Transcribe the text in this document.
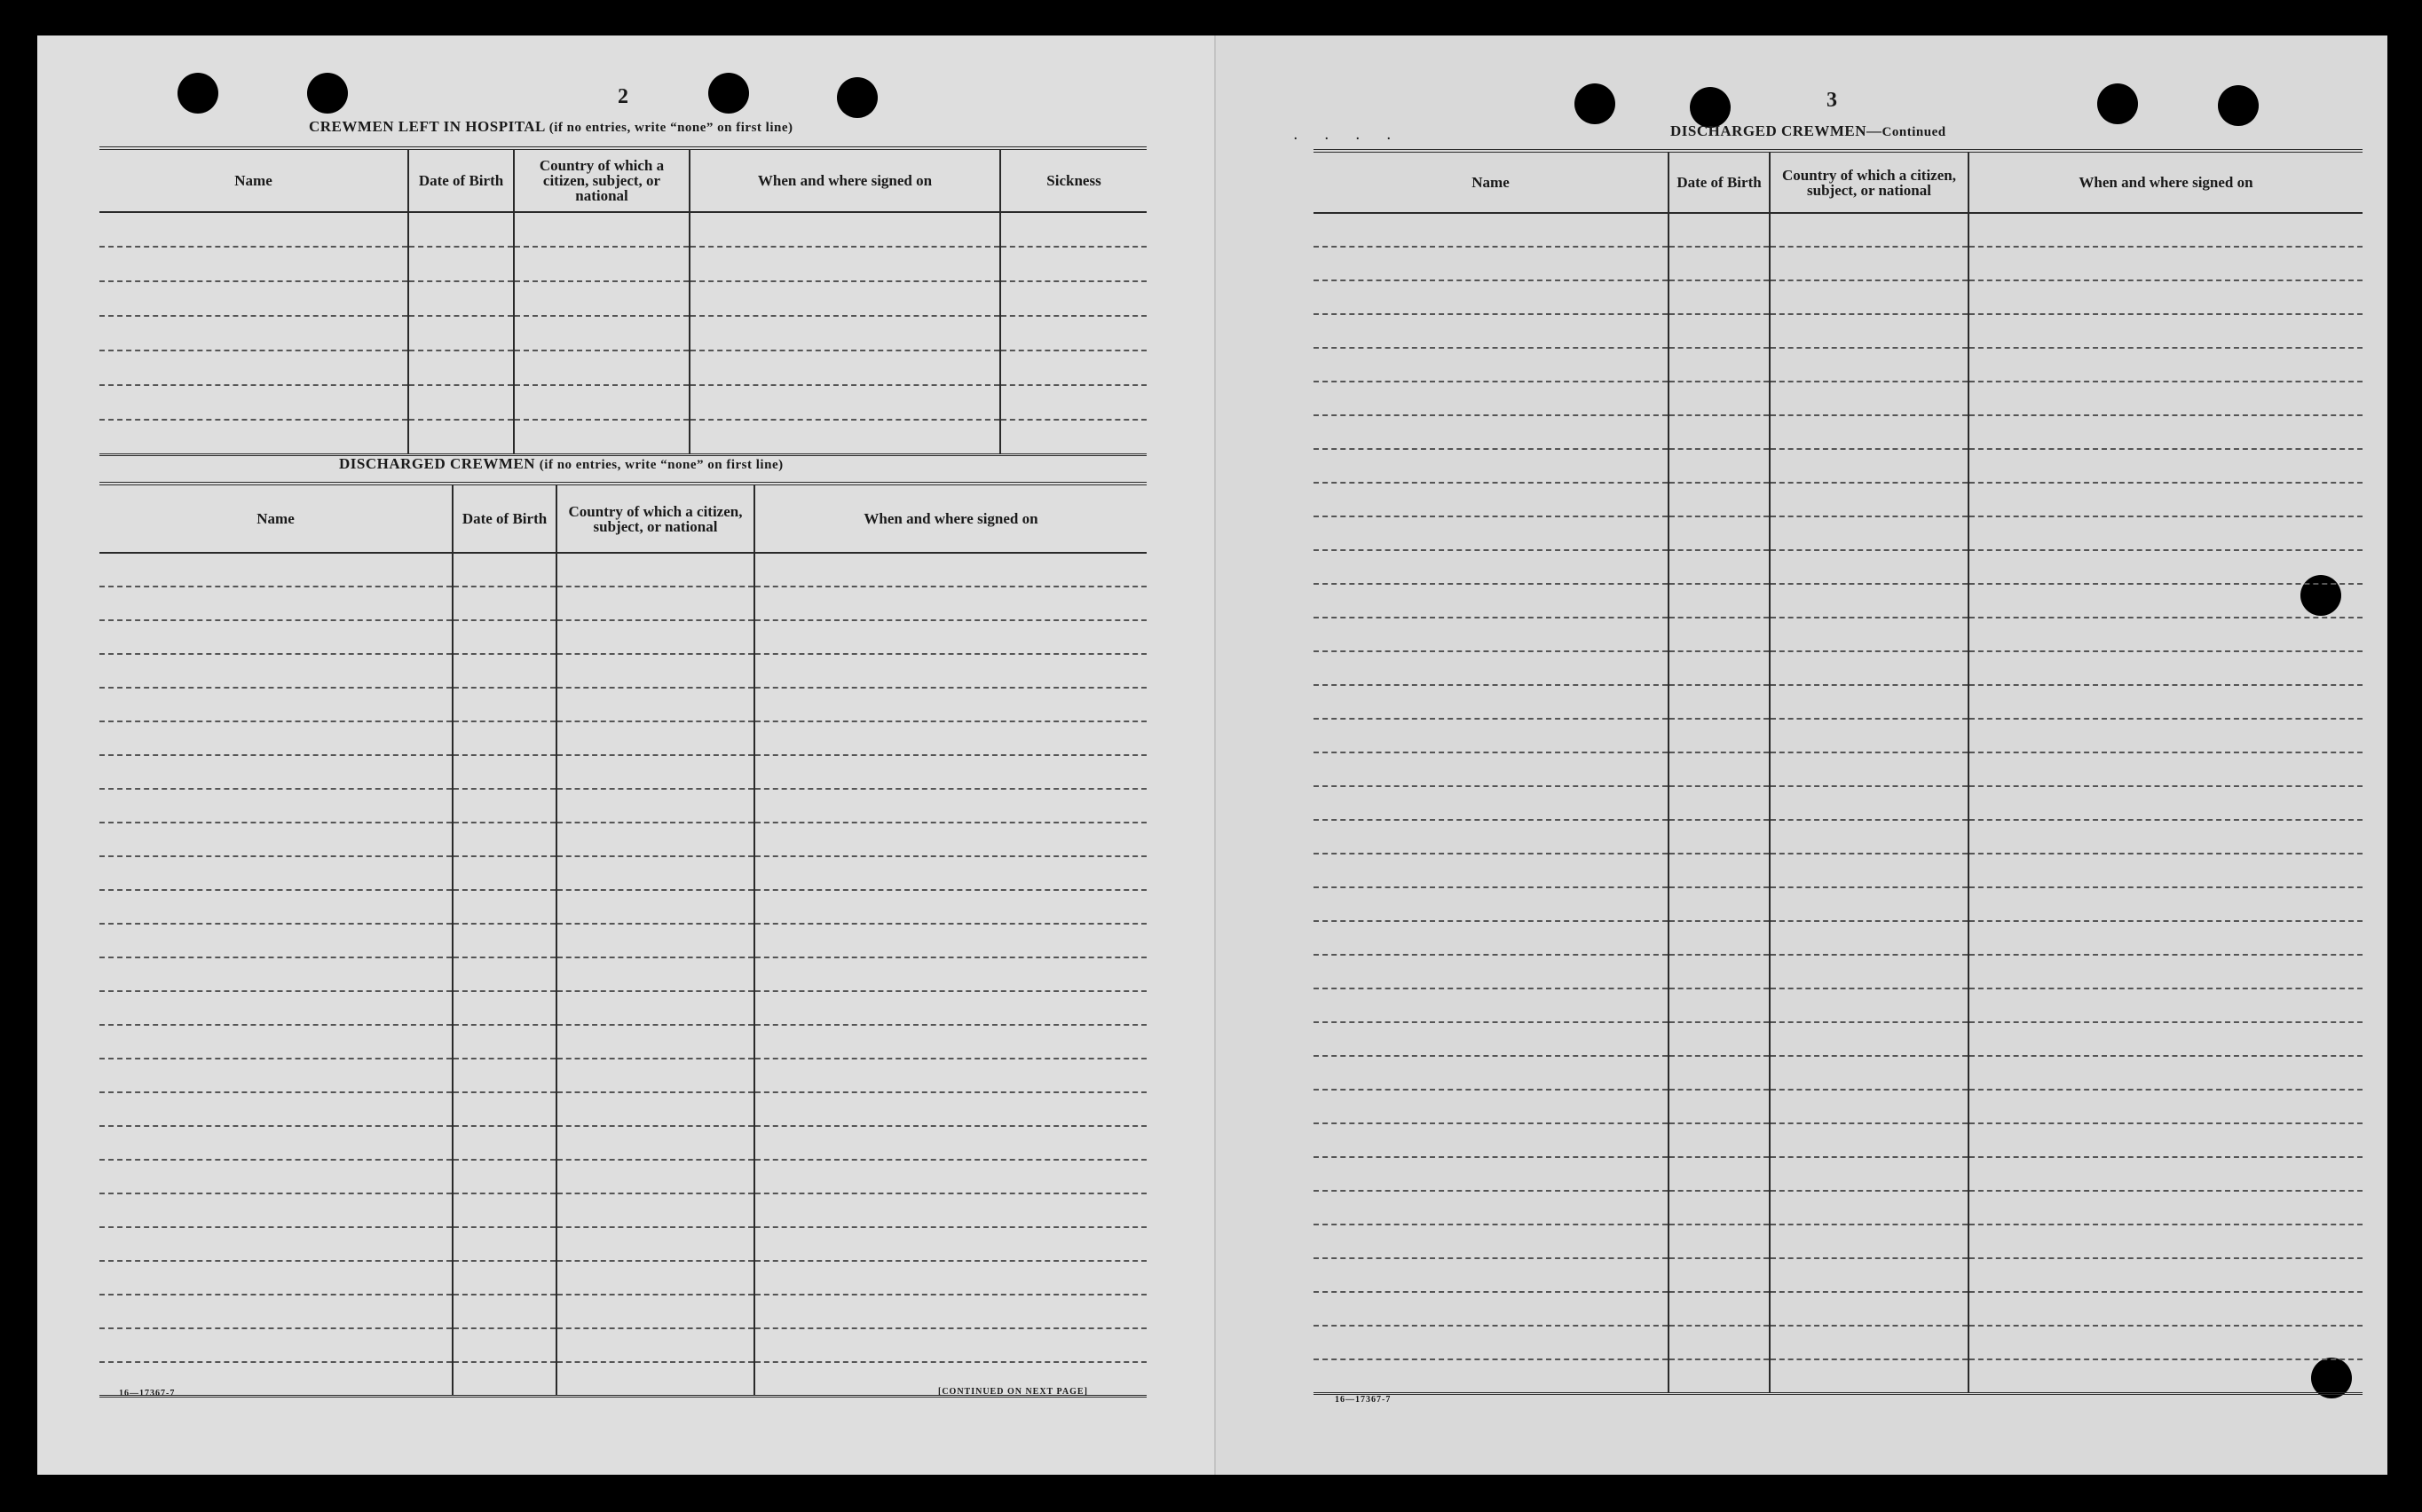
2
CREWMEN LEFT IN HOSPITAL (if no entries, write “none” on first line)
Name	Date of Birth	Country of which a citizen, subject, or national	When and where signed on	Sickness

DISCHARGED CREWMEN (if no entries, write “none” on first line)
Name	Date of Birth	Country of which a citizen, subject, or national	When and where signed on

16—17367-7	[CONTINUED ON NEXT PAGE]
3
. . . .	DISCHARGED CREWMEN—Continued
Name	Date of Birth	Country of which a citizen, subject, or national	When and where signed on

16—17367-7
